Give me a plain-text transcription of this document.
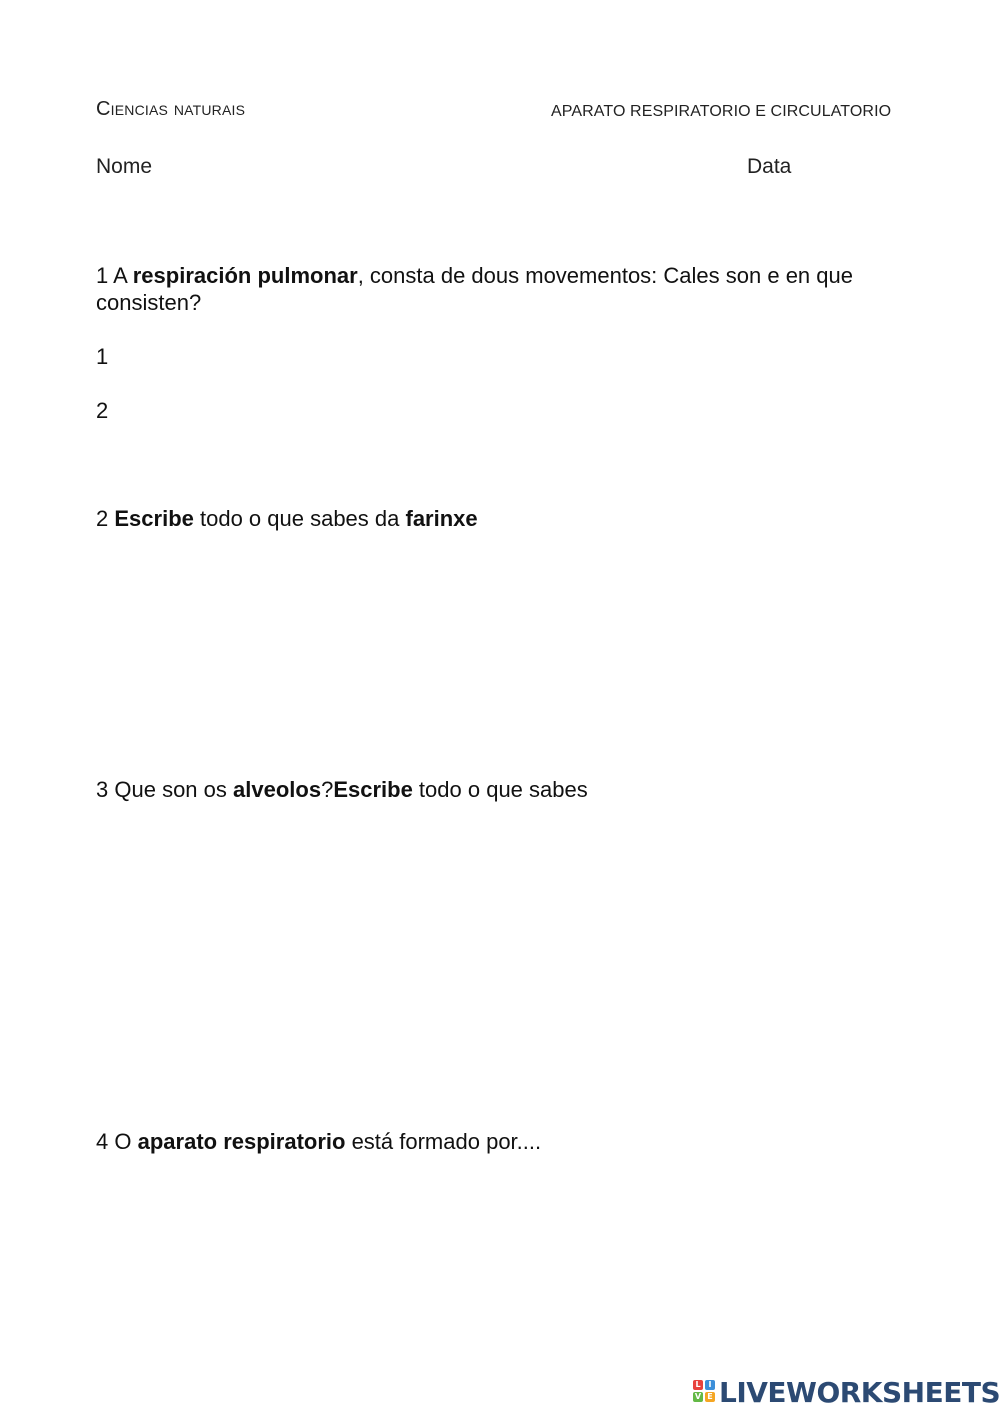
Ciencias naturais	APARATO RESPIRATORIO E CIRCULATORIO
Nome	Data
1 A respiración pulmonar, consta de dous movementos: Cales son e en que consisten?
1
2
2 Escribe todo o que sabes da farinxe
3 Que son os alveolos?Escribe todo o que sabes
4 O aparato respiratorio está formado por....
L I
V E LIVEWORKSHEETS
